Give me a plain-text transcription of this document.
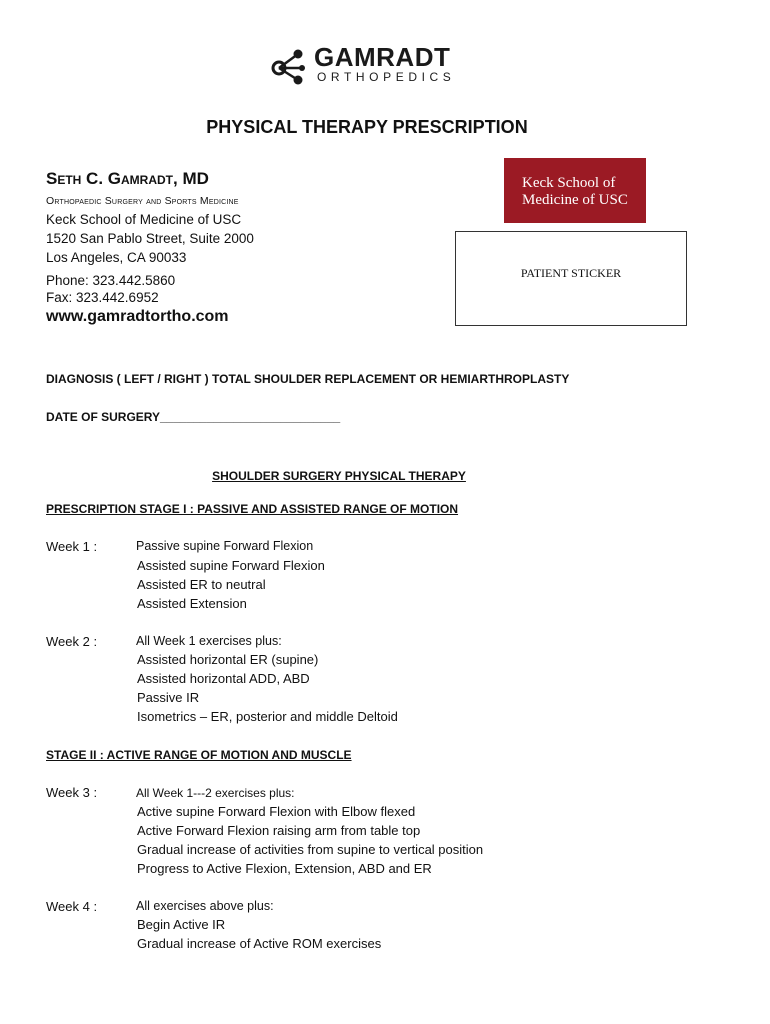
GAMRADT
ORTHOPEDICS
PHYSICAL THERAPY PRESCRIPTION
Seth C. Gamradt, MD
Orthopaedic Surgery and Sports Medicine
Keck School of Medicine of USC
1520 San Pablo Street, Suite 2000
Los Angeles, CA 90033
Phone: 323.442.5860
Fax: 323.442.6952
www.gamradtortho.com
Keck School of
Medicine of USC
PATIENT STICKER
DIAGNOSIS ( LEFT / RIGHT ) TOTAL SHOULDER REPLACEMENT OR HEMIARTHROPLASTY
DATE OF SURGERY___________________________
SHOULDER SURGERY PHYSICAL THERAPY
PRESCRIPTION STAGE I : PASSIVE AND ASSISTED RANGE OF MOTION
Week 1 :	Passive supine Forward Flexion
Assisted supine Forward Flexion
Assisted ER to neutral
Assisted Extension
Week 2 :	All Week 1 exercises plus:
Assisted horizontal ER (supine)
Assisted horizontal ADD, ABD
Passive IR
Isometrics – ER, posterior and middle Deltoid
STAGE II : ACTIVE RANGE OF MOTION AND MUSCLE
Week 3 :	All Week 1---2 exercises plus:
Active supine Forward Flexion with Elbow flexed
Active Forward Flexion raising arm from table top
Gradual increase of activities from supine to vertical position
Progress to Active Flexion, Extension, ABD and ER
Week 4 :	All exercises above plus:
Begin Active IR
Gradual increase of Active ROM exercises
